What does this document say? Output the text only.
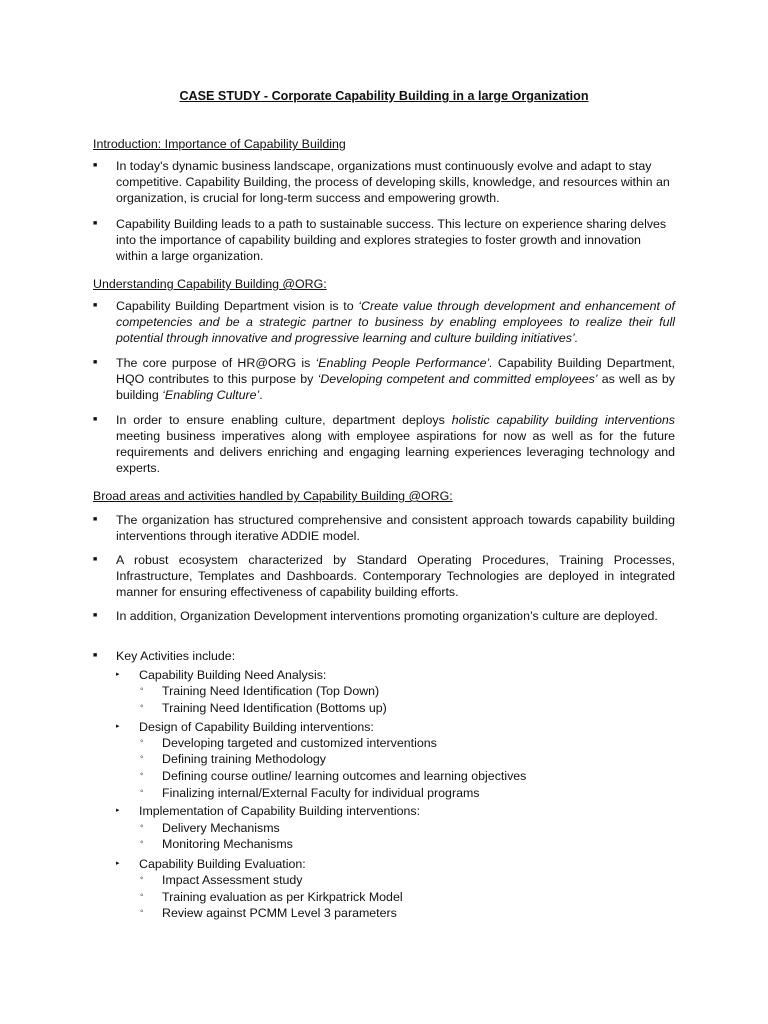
CASE STUDY - Corporate Capability Building in a large Organization
Introduction: Importance of Capability Building
■ In today's dynamic business landscape, organizations must continuously evolve and adapt to stay competitive. Capability Building, the process of developing skills, knowledge, and resources within an organization, is crucial for long-term success and empowering growth.
■ Capability Building leads to a path to sustainable success. This lecture on experience sharing delves into the importance of capability building and explores strategies to foster growth and innovation within a large organization.
Understanding Capability Building @ORG:
■ Capability Building Department vision is to ‘Create value through development and enhancement of competencies and be a strategic partner to business by enabling employees to realize their full potential through innovative and progressive learning and culture building initiatives’.
■ The core purpose of HR@ORG is ‘Enabling People Performance’. Capability Building Department, HQO contributes to this purpose by ‘Developing competent and committed employees’ as well as by building ‘Enabling Culture’.
■ In order to ensure enabling culture, department deploys holistic capability building interventions meeting business imperatives along with employee aspirations for now as well as for the future requirements and delivers enriching and engaging learning experiences leveraging technology and experts.
Broad areas and activities handled by Capability Building @ORG:
■ The organization has structured comprehensive and consistent approach towards capability building interventions through iterative ADDIE model.
■ A robust ecosystem characterized by Standard Operating Procedures, Training Processes, Infrastructure, Templates and Dashboards. Contemporary Technologies are deployed in integrated manner for ensuring effectiveness of capability building efforts.
■ In addition, Organization Development interventions promoting organization’s culture are deployed.
■ Key Activities include:
▸ Capability Building Need Analysis:
◦ Training Need Identification (Top Down)
◦ Training Need Identification (Bottoms up)
▸ Design of Capability Building interventions:
◦ Developing targeted and customized interventions
◦ Defining training Methodology
◦ Defining course outline/ learning outcomes and learning objectives
◦ Finalizing internal/External Faculty for individual programs
▸ Implementation of Capability Building interventions:
◦ Delivery Mechanisms
◦ Monitoring Mechanisms
▸ Capability Building Evaluation:
◦ Impact Assessment study
◦ Training evaluation as per Kirkpatrick Model
◦ Review against PCMM Level 3 parameters
